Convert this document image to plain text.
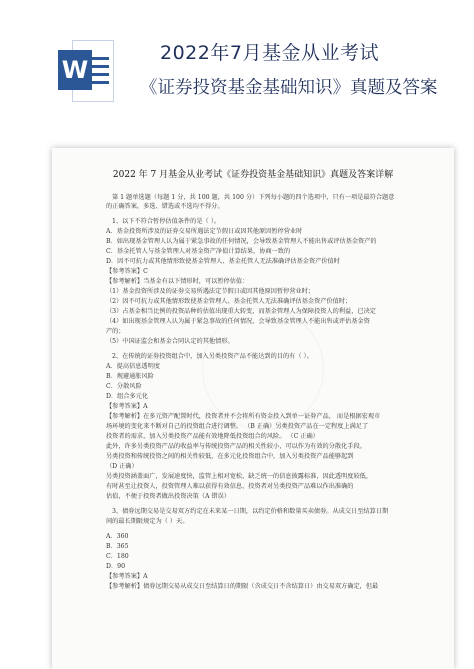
W
2022年7月基金从业考试
《证券投资基金基础知识》真题及答案
2022 年 7 月基金从业考试《证券投资基金基础知识》真题及答案详解
第 1 题单选题（每题 1 分，共 100 题，共 100 分）下列每小题的四个选项中，只有一项是最符合题意
的正确答案，多选、错选或不选均不得分。
1、以下不符合暂停估值条件的是（ ）。
A．基金投资所涉及的证券交易所遇法定节假日或因其他原因暂停营业时
B．如出现基金管理人认为属于紧急事故的任何情况，会导致基金管理人不能出售或评估基金资产的
C．基金托管人与基金管理人对基金资产净值计算结果，协商一致的
D．因不可抗力或其他情形致使基金管理人、基金托管人无法准确评估基金资产价值时
【参考答案】C
【参考解析】当基金有以下情形时，可以暂停估值：
（1）基金投资所涉及的证券交易所遇法定节假日或因其他原因暂停营业时；
（2）因不可抗力或其他情形致使基金管理人、基金托管人无法准确评估基金资产价值时；
（3）占基金相当比例的投资品种的估值出现重大转变，而基金管理人为保障投资人的利益，已决定
（4）如出现基金管理人认为属于紧急事故的任何情况，会导致基金管理人不能出售或评估基金资
产的；
（5）中国证监会和基金合同认定的其他情形。
2、在传统的证券投资组合中，加入另类投资产品不能达到的目的有（ ）。
A．提高信息透明度
B．规避通胀风险
C．分散风险
D．组合多元化
【参考答案】A
【参考解析】在多元资产配置时代，投资者并不会将所有资金投入到单一证券产品， 而是根据宏观市
场环境的变化来不断对自己的投资组合进行调整。 （B 正确）另类投资产品在一定程度上满足了
投资者的需求，加入另类投资产品能有效地降低投资组合的风险。 （C 正确）
此外，许多另类投资产品的收益率与传统投资产品的相关性较小，可以作为有效的分散化手段。
另类投资和传统投资之间的相关性较低，在多元化投资组合中，加入另类投资产品能够起到
（D 正确）
另类投资涵盖面广，发展速度快，监管上相对宽松，缺乏统一的信息披露标准，因此透明度较低，
有时甚至让投资人，投资管理人难以获得有效信息，投资者对另类投资产品难以作出准确的
估值，不便于投资者做出投资决策（A 错误）
3、债券远期交易是交易双方约定在未来某一日期，以约定价格和数量买卖债券。从成交日至结算日期
间的最长期限规定为（ ）天。
A．360
B．365
C．180
D．90
【参考答案】A
【参考解析】债券远期交易从成交日至结算日的期限（含成交日不含结算日）由交易双方确定，但最
